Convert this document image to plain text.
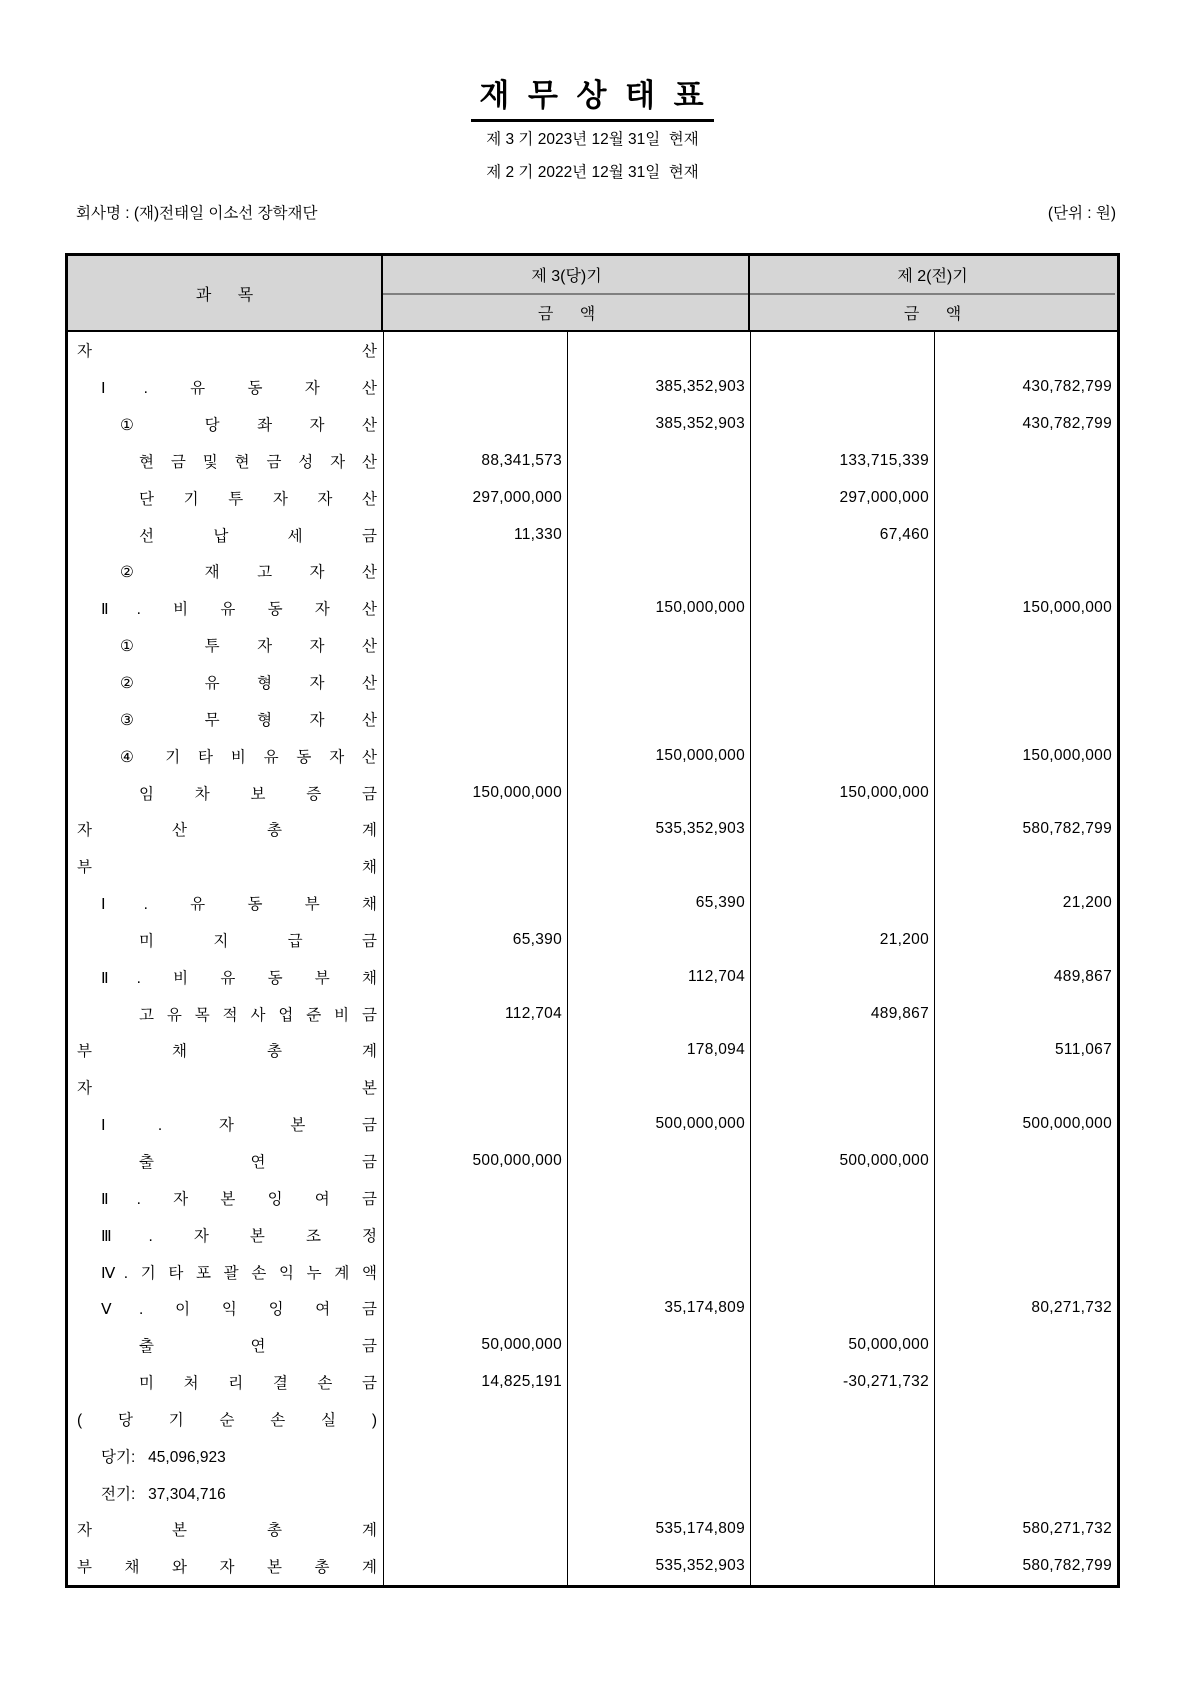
재 무 상 태 표
제 3 기 2023년 12월 31일  현재
제 2 기 2022년 12월 31일  현재
회사명 : (재)전태일 이소선 장학재단	(단위 : 원)
과 목
제 3(당)기
금 액
제 2(전)기
금 액
자 산
Ⅰ. 유 동 자 산	385,352,903	430,782,799
① 당 좌 자 산	385,352,903	430,782,799
현 금 및 현 금 성 자 산	88,341,573	133,715,339
단 기 투 자 자 산	297,000,000	297,000,000
선 납 세 금	11,330	67,460
② 재 고 자 산
Ⅱ. 비 유 동 자 산	150,000,000	150,000,000
① 투 자 자 산
② 유 형 자 산
③ 무 형 자 산
④ 기 타 비 유 동 자 산	150,000,000	150,000,000
임 차 보 증 금	150,000,000	150,000,000
자 산 총 계	535,352,903	580,782,799
부 채
Ⅰ. 유 동 부 채	65,390	21,200
미 지 급 금	65,390	21,200
Ⅱ. 비 유 동 부 채	112,704	489,867
고 유 목 적 사 업 준 비 금	112,704	489,867
부 채 총 계	178,094	511,067
자 본
Ⅰ. 자 본 금	500,000,000	500,000,000
출 연 금	500,000,000	500,000,000
Ⅱ. 자 본 잉 여 금
Ⅲ. 자 본 조 정
Ⅳ. 기 타 포 괄 손 익 누 계 액
Ⅴ. 이 익 잉 여 금	35,174,809	80,271,732
출 연 금	50,000,000	50,000,000
미 처 리 결 손 금	14,825,191	-30,271,732
( 당 기 순 손 실 )
당기:   45,096,923
전기:   37,304,716
자 본 총 계	535,174,809	580,271,732
부 채 와 자 본 총 계	535,352,903	580,782,799
